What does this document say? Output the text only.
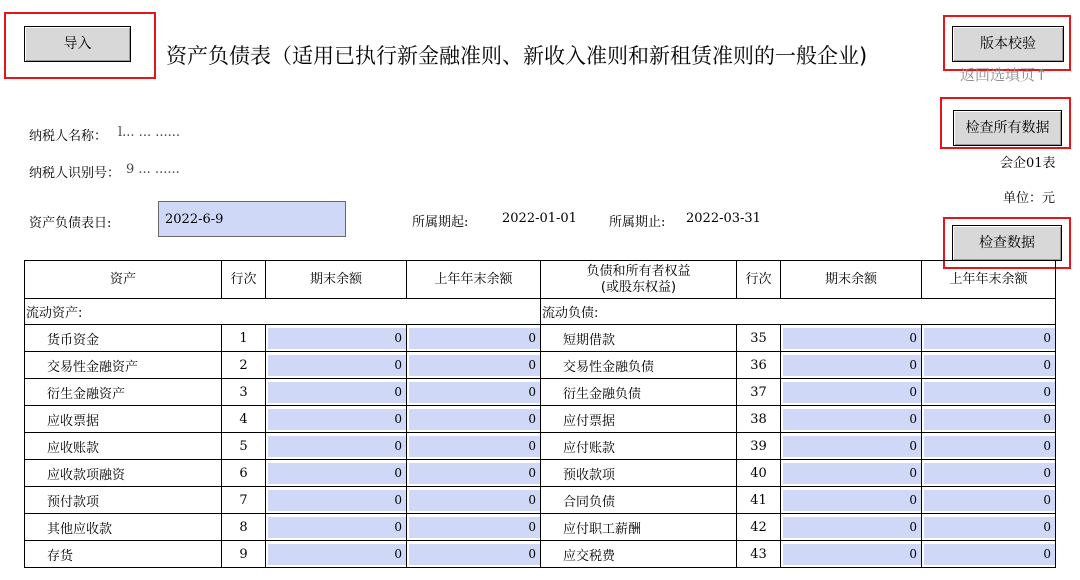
导入	资产负债表（适用已执行新金融准则、新收入准则和新租赁准则的一般企业)	版本校验
返回选填页↑
检查所有数据
会企01表
单位：元
检查数据
纳税人名称： l... ... ......
纳税人识别号： 9 ... ......
资产负债表日:
2022-6-9	所属期起:	2022-01-01 所属期止: 2022-03-31
资产	行次	期末余额	上年年末余额	负债和所有者权益
(或股东权益)	行次	期末余额	上年年末余额
流动资产:				流动负债:			
货币资金	1	0	0	短期借款	35	0	0
交易性金融资产	2	0	0	交易性金融负债	36	0	0
衍生金融资产	3	0	0	衍生金融负债	37	0	0
应收票据	4	0	0	应付票据	38	0	0
应收账款	5	0	0	应付账款	39	0	0
应收款项融资	6	0	0	预收款项	40	0	0
预付款项	7	0	0	合同负债	41	0	0
其他应收款	8	0	0	应付职工薪酬	42	0	0
存货	9	0	0	应交税费	43	0	0
